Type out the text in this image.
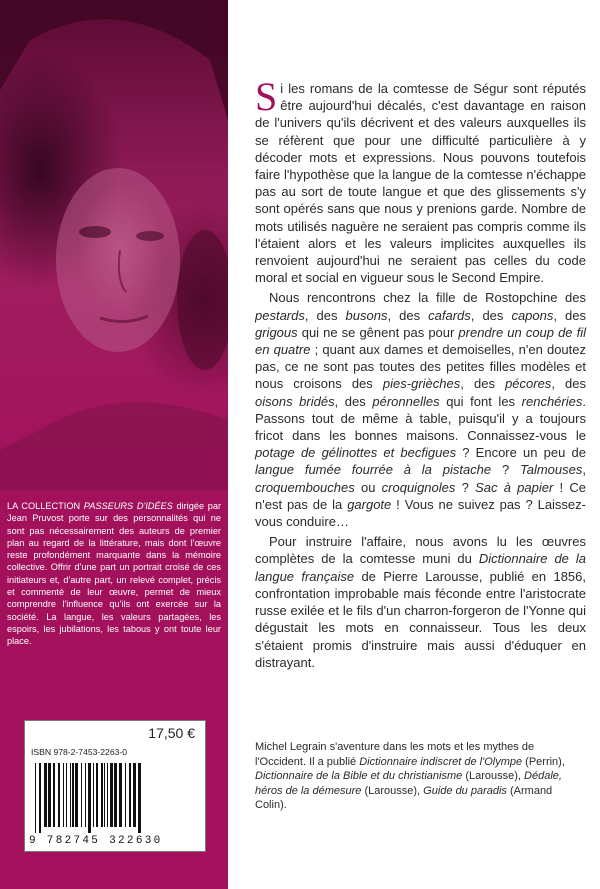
LA COLLECTION PASSEURS D'IDÉES dirigée par Jean Pruvost porte sur des personnalités qui ne sont pas nécessairement des auteurs de premier plan au regard de la littérature, mais dont l'œuvre reste profondément marquante dans la mémoire collective. Offrir d'une part un portrait croisé de ces initiateurs et, d'autre part, un relevé complet, précis et commenté de leur œuvre, permet de mieux comprendre l'influence qu'ils ont exercée sur la société. La langue, les valeurs partagées, les espoirs, les jubilations, les tabous y ont toute leur place.
17,50 €
ISBN 978-2-7453-2263-0
9 782745 322630

Si les romans de la comtesse de Ségur sont réputés être aujourd'hui décalés, c'est davantage en raison de l'univers qu'ils décrivent et des valeurs auxquelles ils se réfèrent que pour une difficulté particulière à y décoder mots et expressions. Nous pouvons toutefois faire l'hypothèse que la langue de la comtesse n'échappe pas au sort de toute langue et que des glissements s'y sont opérés sans que nous y prenions garde. Nombre de mots utilisés naguère ne seraient pas compris comme ils l'étaient alors et les valeurs implicites auxquelles ils renvoient aujourd'hui ne seraient pas celles du code moral et social en vigueur sous le Second Empire.

Nous rencontrons chez la fille de Rostopchine des pestards, des busons, des cafards, des capons, des grigous qui ne se gênent pas pour prendre un coup de fil en quatre ; quant aux dames et demoiselles, n'en doutez pas, ce ne sont pas toutes des petites filles modèles et nous croisons des pies-grièches, des pécores, des oisons bridés, des péronnelles qui font les renchéries. Passons tout de même à table, puisqu'il y a toujours fricot dans les bonnes maisons. Connaissez-vous le potage de gélinottes et becfigues ? Encore un peu de langue fumée fourrée à la pistache ? Talmouses, croquembouches ou croquignoles ? Sac à papier ! Ce n'est pas de la gargote ! Vous ne suivez pas ? Laissez-vous conduire…

Pour instruire l'affaire, nous avons lu les œuvres complètes de la comtesse muni du Dictionnaire de la langue française de Pierre Larousse, publié en 1856, confrontation improbable mais féconde entre l'aristocrate russe exilée et le fils d'un charron-forgeron de l'Yonne qui dégustait les mots en connaisseur. Tous les deux s'étaient promis d'instruire mais aussi d'éduquer en distrayant.

Michel Legrain s'aventure dans les mots et les mythes de l'Occident. Il a publié Dictionnaire indiscret de l'Olympe (Perrin), Dictionnaire de la Bible et du christianisme (Larousse), Dédale, héros de la démesure (Larousse), Guide du paradis (Armand Colin).
